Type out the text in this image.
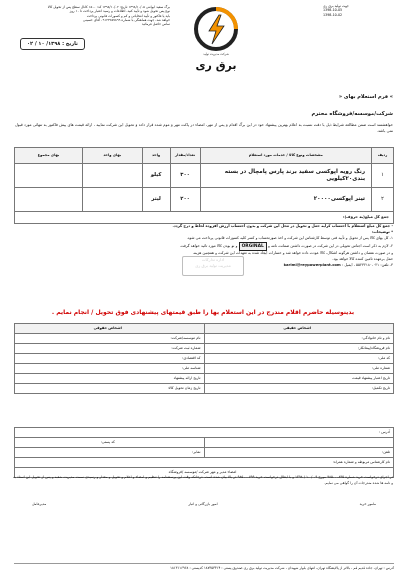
برگ سفید ایوانتی ۱۳۹۸/۱۰/۰۵ تاریخ: ۱۳۹۸/۱۰/۰۲ کد: ۱۵۰۰ کانال سطح پس از تحویل کالا
نوع پس تحویل شود و تأیید کنید. اطلاعات و رسید اعتبار پرداخت تا ۱۰ روز
باید یا فاکتور و تأیید انتخاباتی و کم و کسورات قانونی پرداخت
خواهد شد. جهت هماهنگی با شماره ۰۹۱۲۳۶۵۷۸۹۹ آقای حسینی
تماس حاصل فرمائید
تاریخ : ۱۳۹۸/ ۱۰ / ۰۲
شرکت مدیریت تولید
برق ری
جهت تولید برق ری
1398-10-05
1398-10-02
» فرم استعلام بهای «
شرکت/موسسه/فروشگاه محترم
خواهشمند است ضمن مطالعه شرایط ذیل با دقت نسبت به اعلام بهترین پیشنهاد خود در این برگ اقدام و پس از مهر، امضاء در پاکت مهر و موم شده قرار داده و تحویل این شرکت نمایید ، ارائه قیمت های پیش فاکتور به تنهائی مورد قبول نمی باشد.
ردیف	مشخصات ونوع کالا / خدمات مورد استعلام	تعداد/مقدار	واحد	بهای واحد	بهای مجموع
۱	رنگ رویه اپوکسی سفید برند پارس پامچال در بسته بندی۲۰کیلویی	۳۰۰	کیلو		
۲	تینر اپوکسی۲۰۰۰۰	۲۰۰	لیتر		
جمع کل مبلغ(به حروف):					
- جمع کل مبلغ استعلام با احتساب کرایه حمل و تحویل در محل این شرکت و بدون احتساب ارزش افزوده لحاظ و درج گردد.
* توضیحات:
۱- کل بهای کالا پس از تحویل و تأیید فنی توسط کارشناس این شرکت و اخذ صورتحساب و کسر کلیه کسورات قانونی پرداخت می شود.
۲- لازم به ذکر است اجناس تحویلی در این شرکت در صورت داشتن ضمانت نامه و ORGINAL و نو بودن کالا مورد تائید خواهد گرفت
و در صورت نقصان و داشتن هرگونه اشکال، کالا عودت داده خواهد شد و خسارات ایجاد شده به تعهدات این شرکت و همچنین هزینه
حمل برعهده تامین کننده کالا خواهد بود.
۳- تلفن: ۰۲۱-۵۵۲۳۲۱۸۰ ، ایمیل : karimi@reypowerplant.com
اداره تدارکات
مدیریت تولید برق ری
بدینوسیله حاضرم اقلام مندرج در این استعلام بها را طبق قیمتهای پیشنهادی فوق تحویل / انجام نمایم .
اشخاص حقیقی	اشخاص حقوقی
نام و نام خانوادگی:	نام موسسه/شرکت:
نام فروشگاه/پیمانکار:	شماره ثبت شرکت:
کد ملی:	کد اقتصادی:
شماره ملی:	شناسه ملی:
تاریخ اعتبار پیشنهاد قیمت	تاریخ ارائه پیشنهاد
تاریخ تکمیل:	تاریخ زمان تحویل کالا:
آدرس :	
	کد پستی:
تلفن:	نمابر:
نام کارشناس مربوطه و شماره همراه:	
امضاء مدیر و مهر شرکت /موسسه /فروشگاه	
در اجرای درخواست خرید شماره ۹۸۵۰۰۰۸۳۵ مورخ ۰۹ / ۱۰ / ۱۳۹۸ و با ابطال درخواست خرید ۹۸۵۰۰۰۷۹۹ در بالا بیان شده است. درجانکه وقت این پرسشنامه را تنظیم و امضاء و اعلام و تحویل و مقدار و رسیدی سمت مدیریت شعبه و پس از تحویل این اسناد به و نامه ها شده مندرجات آن را گواهی می نمایم.
مامور خرید
امور بازرگانی و انبار
مدیرعامل
آدرس : تهران، جاده قدیم قم ، بالاتر از پالایشگاه تهران، انتهای بلوار شهیدان ، شرکت مدیریت تولید برق ری صندوق پستی : ۱۸۷۳۵۳۳۱۴ کدپستی : ۱۸۱۳۱۱۶۹۶۸
